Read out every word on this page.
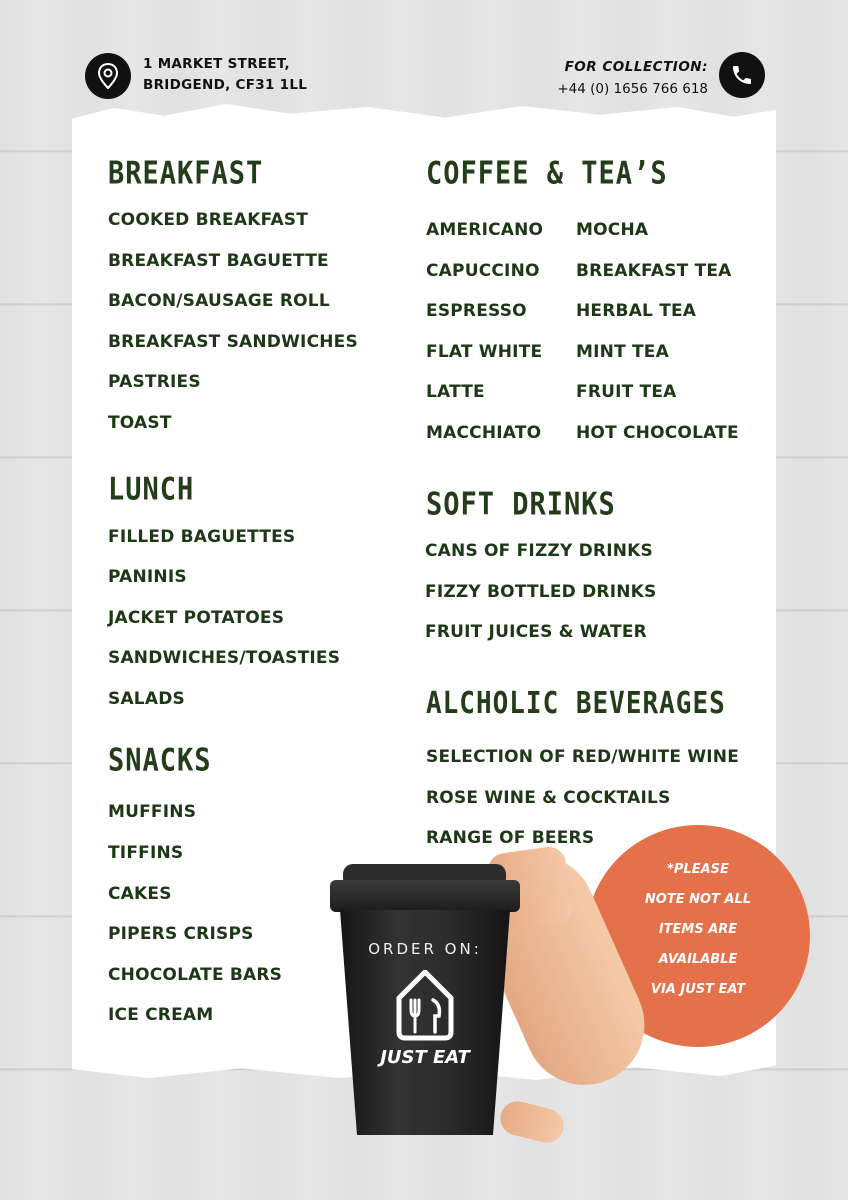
1 MARKET STREET,
BRIDGEND, CF31 1LL
FOR COLLECTION:
+44 (0) 1656 766 618
BREAKFAST
COOKED BREAKFAST
BREAKFAST BAGUETTE
BACON/SAUSAGE ROLL
BREAKFAST SANDWICHES
PASTRIES
TOAST
LUNCH
FILLED BAGUETTES
PANINIS
JACKET POTATOES
SANDWICHES/TOASTIES
SALADS
SNACKS
MUFFINS
TIFFINS
CAKES
PIPERS CRISPS
CHOCOLATE BARS
ICE CREAM
COFFEE & TEA’S
AMERICANO
CAPUCCINO
ESPRESSO
FLAT WHITE
LATTE
MACCHIATO
MOCHA
BREAKFAST TEA
HERBAL TEA
MINT TEA
FRUIT TEA
HOT CHOCOLATE
SOFT DRINKS
CANS OF FIZZY DRINKS
FIZZY BOTTLED DRINKS
FRUIT JUICES & WATER
ALCHOLIC BEVERAGES
SELECTION OF RED/WHITE WINE
ROSE WINE & COCKTAILS
RANGE OF BEERS
*PLEASE
NOTE NOT ALL
ITEMS ARE
AVAILABLE
VIA JUST EAT
ORDER ON:
JUST EAT
